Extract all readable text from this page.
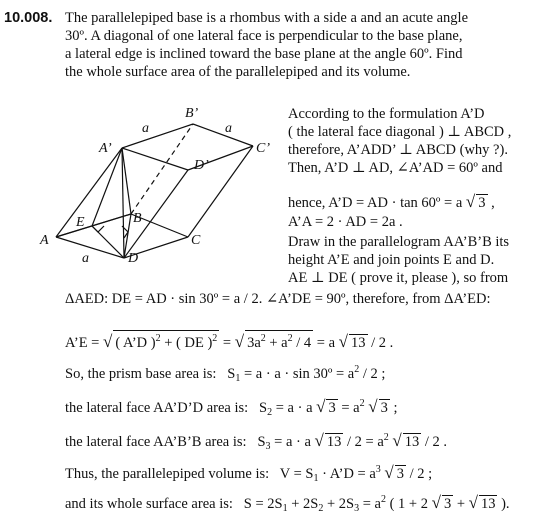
10.008. The parallelepiped base is a rhombus with a side a and an acute angle
30º. A diagonal of one lateral face is perpendicular to the base plane,
a lateral edge is inclined toward the base plane at the angle 60º. Find
the whole surface area of the parallelepiped and its volume.
B’
A’	C’
D’
a	a
E	B
A	C
D
a
According to the formulation A’D
( the lateral face diagonal ) ⊥ ABCD ,
therefore, A’ADD’ ⊥ ABCD (why ?).
Then, A’D ⊥ AD, ∠A’AD = 60º and
hence, A’D = AD · tan 60º = a √ 3 ,
A’A = 2 · AD = 2a .
Draw in the parallelogram AA’B’B its
height A’E and join points E and D.
AE ⊥ DE ( prove it, please ), so from
ΔAED: DE = AD · sin 30º = a / 2. ∠A’DE = 90º, therefore, from ΔA’ED:
A’E = √ ( A’D )$^2$ + ( DE )$^2$ = √ $3a^2 + a^2 / 4 = a$ √ 13 / 2 .
So, the prism base area is: $S_1 = a \cdot a \cdot \sin$ 30º = $a^2 / 2$ ;
the lateral face AA’D’D area is: $S_2 = a \cdot a$ √ $3 = a^2$ √ 3 ;
the lateral face AA’B’B area is: $S_3 = a \cdot a$ √ $13 / 2 = a^2$ √ 13 / 2 .
Thus, the parallelepiped volume is: $V = S_1$ · A’D = $a^3$ √ 3 / 2 ;
and its whole surface area is: $S = 2S_1 + 2S_2 + 2S_3 = a^2$ ( 1 + 2 √ 3 + √ 13 ).
